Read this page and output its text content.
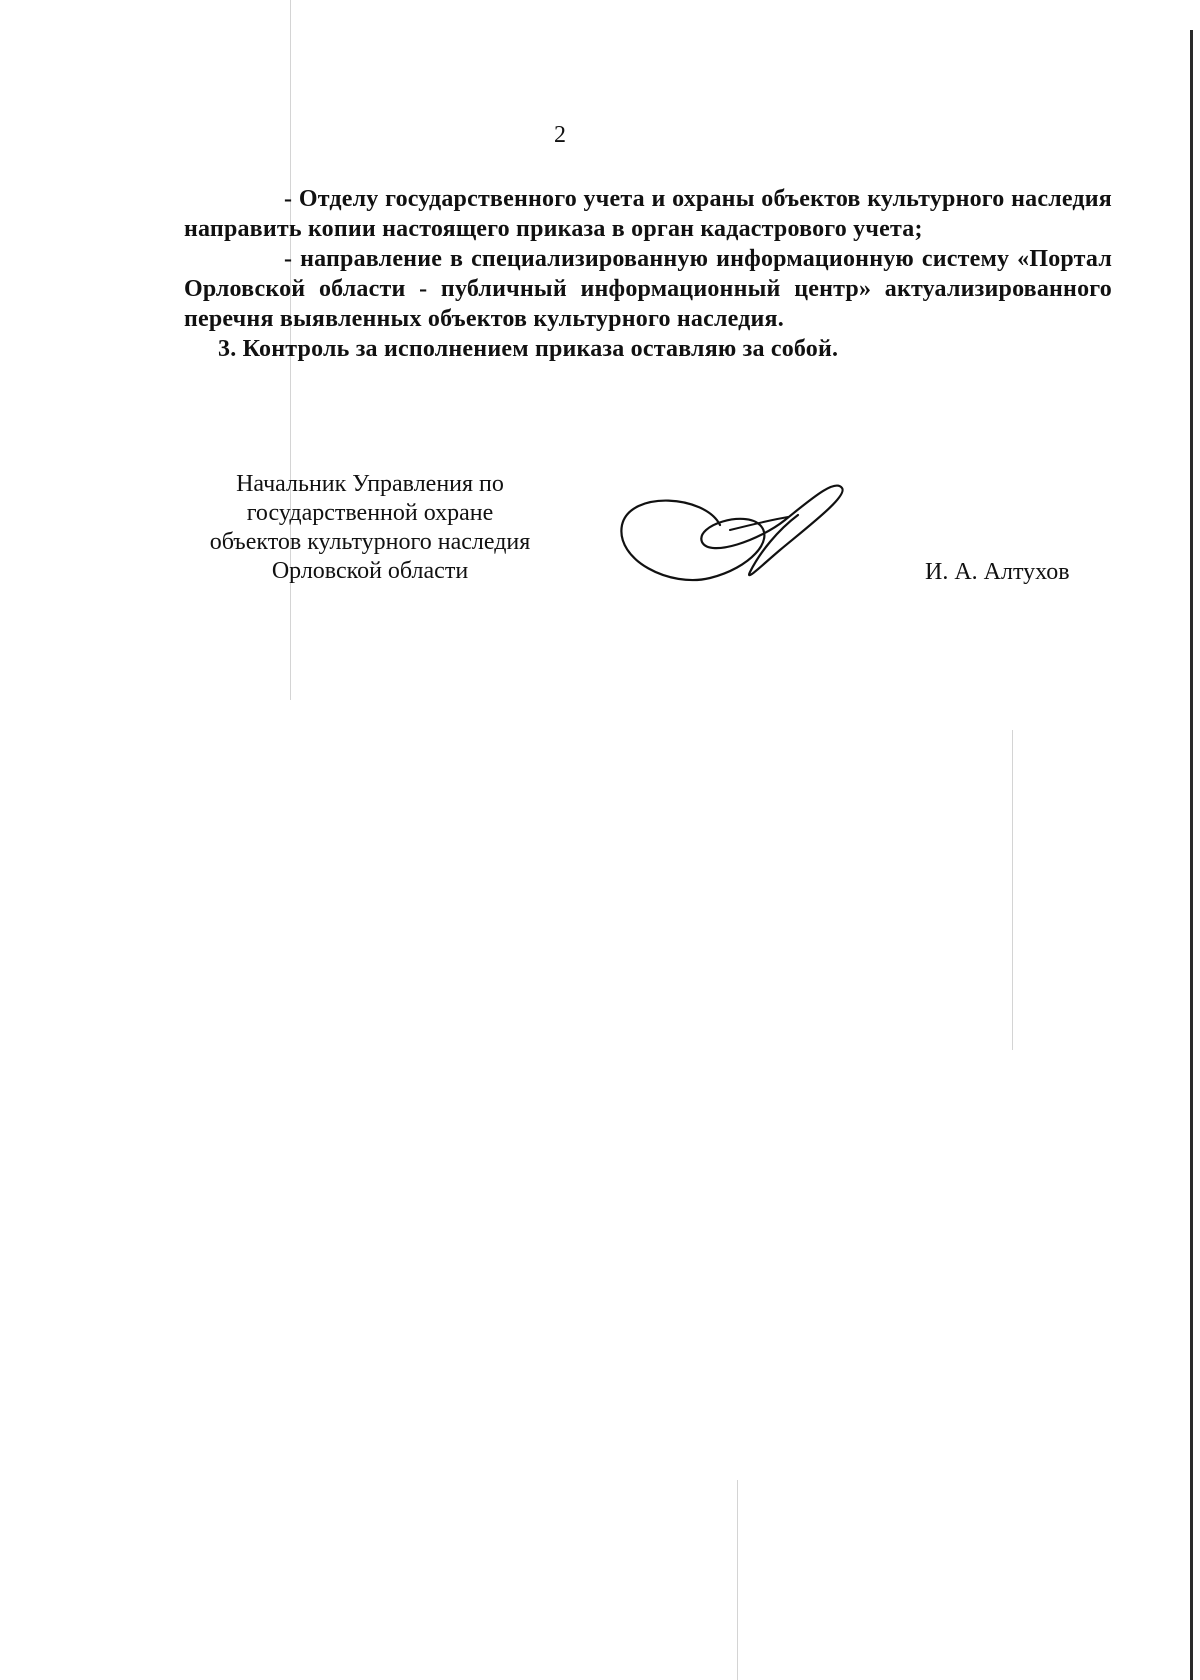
2

- Отделу государственного учета и охраны объектов культурного наследия направить копии настоящего приказа в орган кадастрового учета;

- направление в специализированную информационную систему «Портал Орловской области - публичный информационный центр» актуализированного перечня выявленных объектов культурного наследия.

3. Контроль за исполнением приказа оставляю за собой.

Начальник Управления по
государственной охране
объектов культурного наследия
Орловской области	И. А. Алтухов
